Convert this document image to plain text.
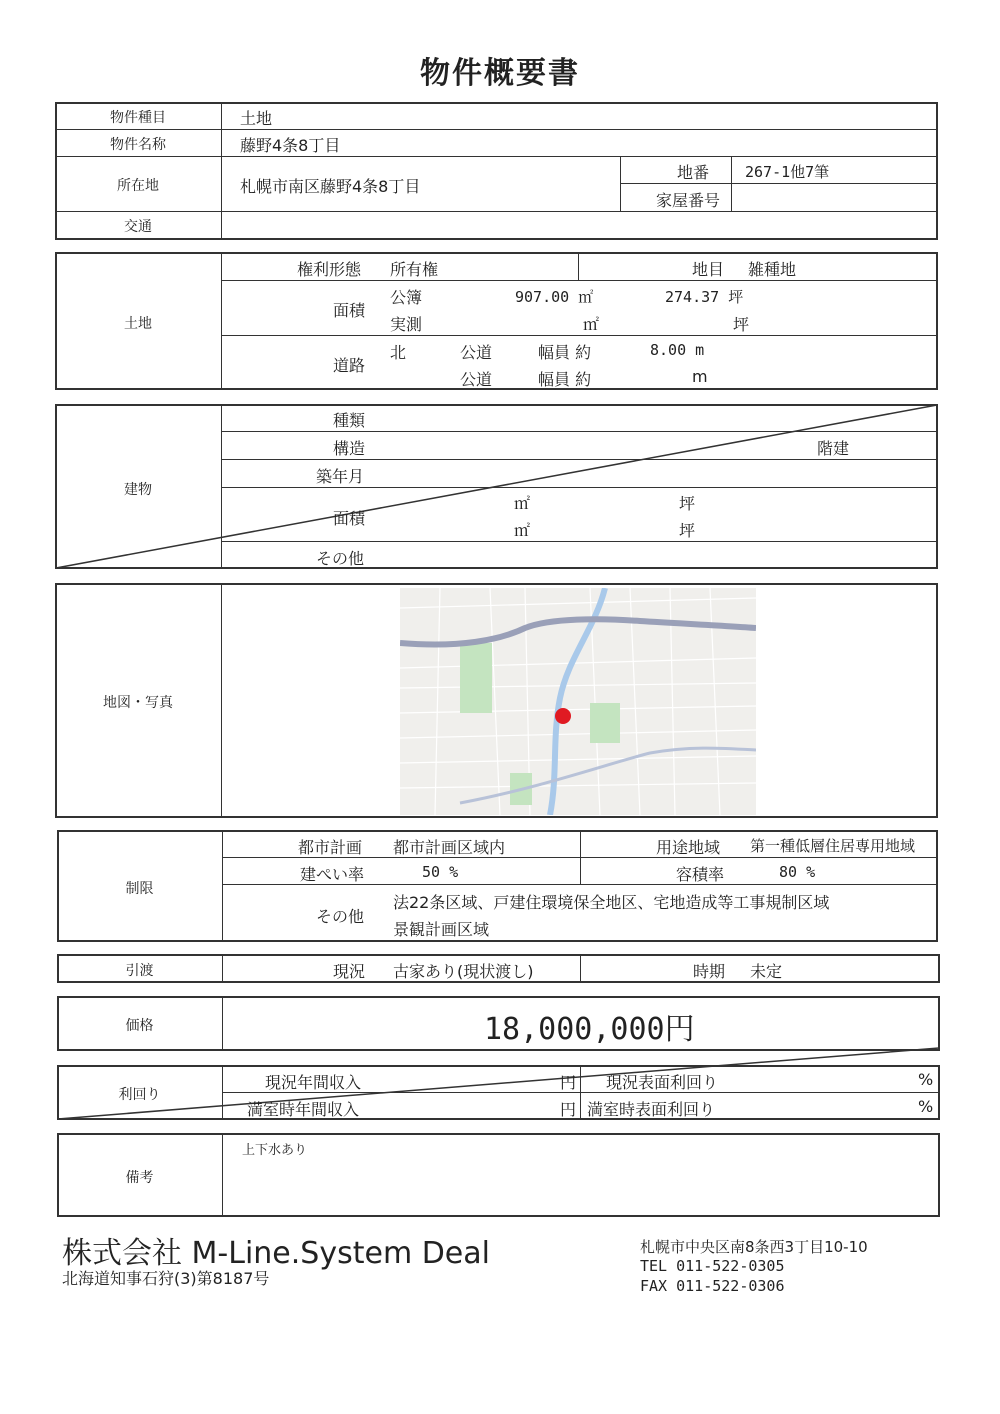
物件概要書
物件種目	土地
物件名称	藤野4条8丁目
所在地	札幌市南区藤野4条8丁目
地番 267-1他7筆
家屋番号
交通
土地
権利形態 所有権	地目 雑種地
面積
公簿	907.00 ㎡	274.37 坪
実測	㎡	坪
道路
北	公道	幅員 約	8.00 m
公道	幅員 約	m
建物
種類
構造	階建
築年月
面積
㎡	坪
㎡	坪
その他
地図・写真
制限
都市計画 都市計画区域内	用途地域 第一種低層住居専用地域
建ぺい率	50 %	容積率	80 %
その他
法22条区域、戸建住環境保全地区、宅地造成等工事規制区域
景観計画区域
引渡	現況 古家あり(現状渡し)	時期 未定
価格	18,000,000円
利回り
現況年間収入	円 現況表面利回り	%
満室時年間収入	円 満室時表面利回り	%
備考
上下水あり
株式会社 M-Line.System Deal
北海道知事石狩(3)第8187号
札幌市中央区南8条西3丁目10-10
TEL 011-522-0305
FAX 011-522-0306
